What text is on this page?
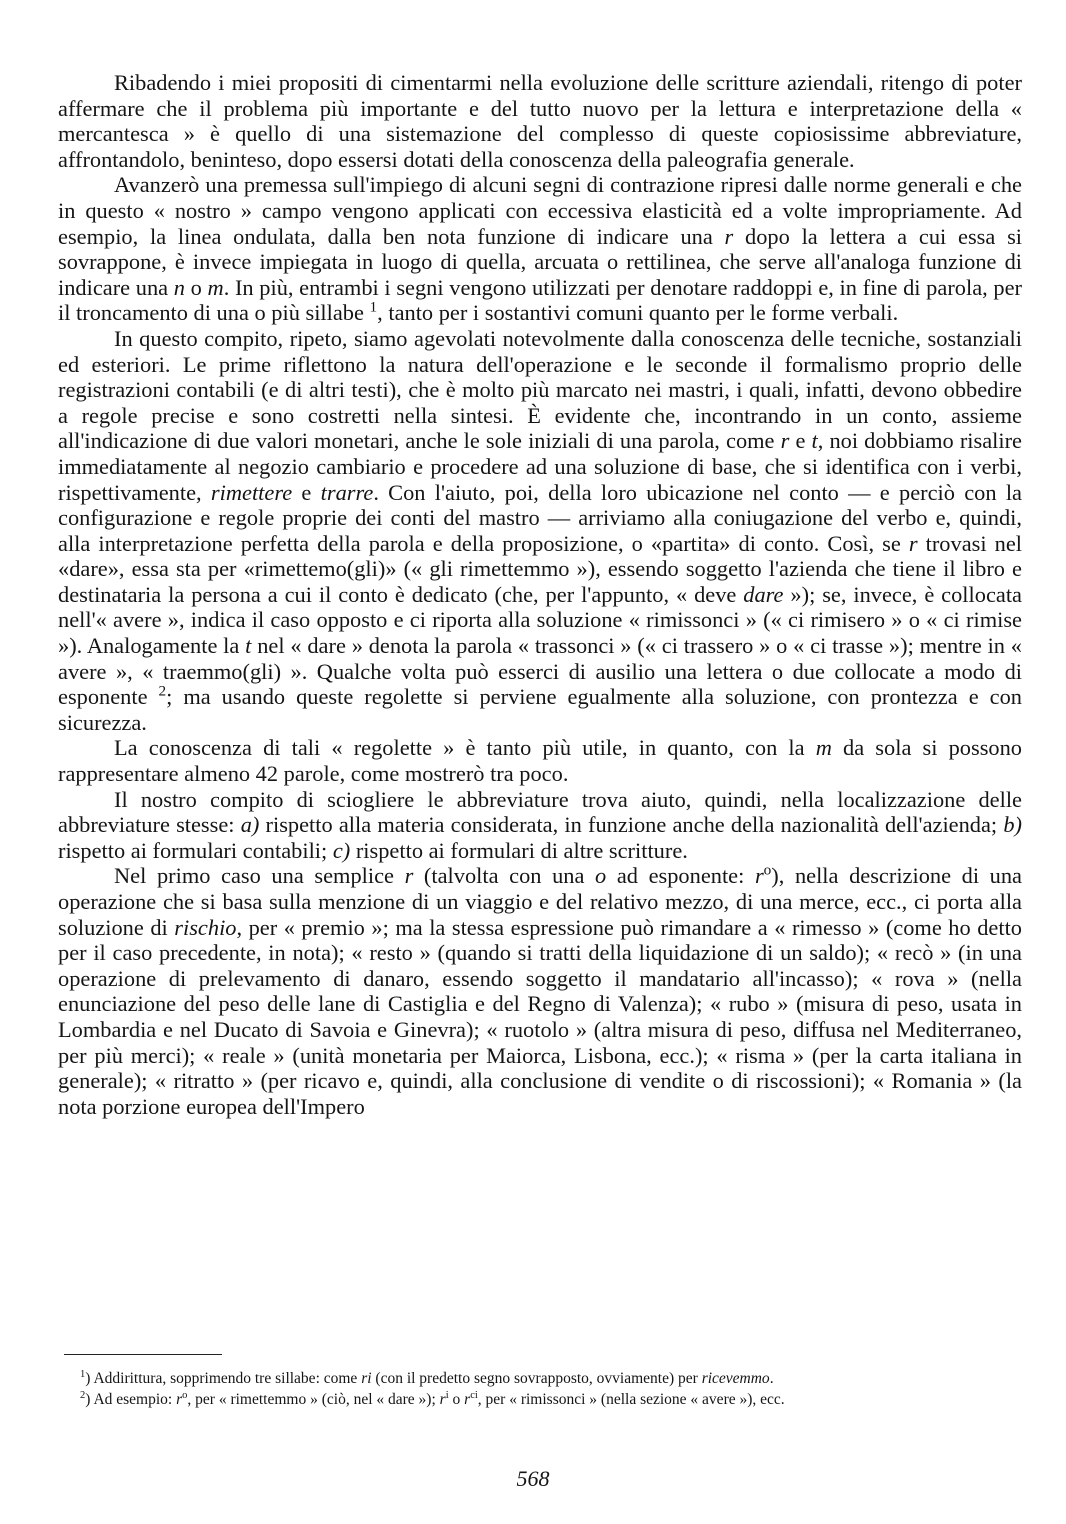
Ribadendo i miei propositi di cimentarmi nella evoluzione delle scritture aziendali, ritengo di poter affermare che il problema più importante e del tutto nuovo per la lettura e interpretazione della « mercantesca » è quello di una sistemazione del complesso di queste copiosissime abbreviature, affrontandolo, beninteso, dopo essersi dotati della conoscenza della paleografia generale.

Avanzerò una premessa sull'impiego di alcuni segni di contrazione ripresi dalle norme generali e che in questo « nostro » campo vengono applicati con eccessiva elasticità ed a volte impropriamente. Ad esempio, la linea ondulata, dalla ben nota funzione di indicare una r dopo la lettera a cui essa si sovrappone, è invece impiegata in luogo di quella, arcuata o rettilinea, che serve all'analoga funzione di indicare una n o m. In più, entrambi i segni vengono utilizzati per denotare raddoppi e, in fine di parola, per il troncamento di una o più sillabe $^1$, tanto per i sostantivi comuni quanto per le forme verbali.

In questo compito, ripeto, siamo agevolati notevolmente dalla conoscenza delle tecniche, sostanziali ed esteriori. Le prime riflettono la natura dell'operazione e le seconde il formalismo proprio delle registrazioni contabili (e di altri testi), che è molto più marcato nei mastri, i quali, infatti, devono obbedire a regole precise e sono costretti nella sintesi. È evidente che, incontrando in un conto, assieme all'indicazione di due valori monetari, anche le sole iniziali di una parola, come r e t, noi dobbiamo risalire immediatamente al negozio cambiario e procedere ad una soluzione di base, che si identifica con i verbi, rispettivamente, rimettere e trarre. Con l'aiuto, poi, della loro ubicazione nel conto — e perciò con la configurazione e regole proprie dei conti del mastro — arriviamo alla coniugazione del verbo e, quindi, alla interpretazione perfetta della parola e della proposizione, o «partita» di conto. Così, se r trovasi nel «dare», essa sta per «rimettemo(gli)» (« gli rimettemmo »), essendo soggetto l'azienda che tiene il libro e destinataria la persona a cui il conto è dedicato (che, per l'appunto, « deve dare »); se, invece, è collocata nell'« avere », indica il caso opposto e ci riporta alla soluzione « rimissonci » (« ci rimisero » o « ci rimise »). Analogamente la t nel « dare » denota la parola « trassonci » (« ci trassero » o « ci trasse »); mentre in « avere », « traemmo(gli) ». Qualche volta può esserci di ausilio una lettera o due collocate a modo di esponente $^2$; ma usando queste regolette si perviene egualmente alla soluzione, con prontezza e con sicurezza.

La conoscenza di tali « regolette » è tanto più utile, in quanto, con la m da sola si possono rappresentare almeno 42 parole, come mostrerò tra poco.

Il nostro compito di sciogliere le abbreviature trova aiuto, quindi, nella localizzazione delle abbreviature stesse: a) rispetto alla materia considerata, in funzione anche della nazionalità dell'azienda; b) rispetto ai formulari contabili; c) rispetto ai formulari di altre scritture.

Nel primo caso una semplice r (talvolta con una o ad esponente: $r^o$), nella descrizione di una operazione che si basa sulla menzione di un viaggio e del relativo mezzo, di una merce, ecc., ci porta alla soluzione di rischio, per « premio »; ma la stessa espressione può rimandare a « rimesso » (come ho detto per il caso precedente, in nota); « resto » (quando si tratti della liquidazione di un saldo); « recò » (in una operazione di prelevamento di danaro, essendo soggetto il mandatario all'incasso); « rova » (nella enunciazione del peso delle lane di Castiglia e del Regno di Valenza); « rubo » (misura di peso, usata in Lombardia e nel Ducato di Savoia e Ginevra); « ruotolo » (altra misura di peso, diffusa nel Mediterraneo, per più merci); « reale » (unità monetaria per Maiorca, Lisbona, ecc.); « risma » (per la carta italiana in generale); « ritratto » (per ricavo e, quindi, alla conclusione di vendite o di riscossioni); « Romania » (la nota porzione europea dell'Impero

$^1$) Addirittura, sopprimendo tre sillabe: come ri (con il predetto segno sovrapposto, ovviamente) per ricevemmo.
$^2$) Ad esempio: $r^o$, per « rimettemmo » (ciò, nel « dare »); $r^i$ o $r^{ci}$, per « rimissonci » (nella sezione « avere »), ecc.
568
